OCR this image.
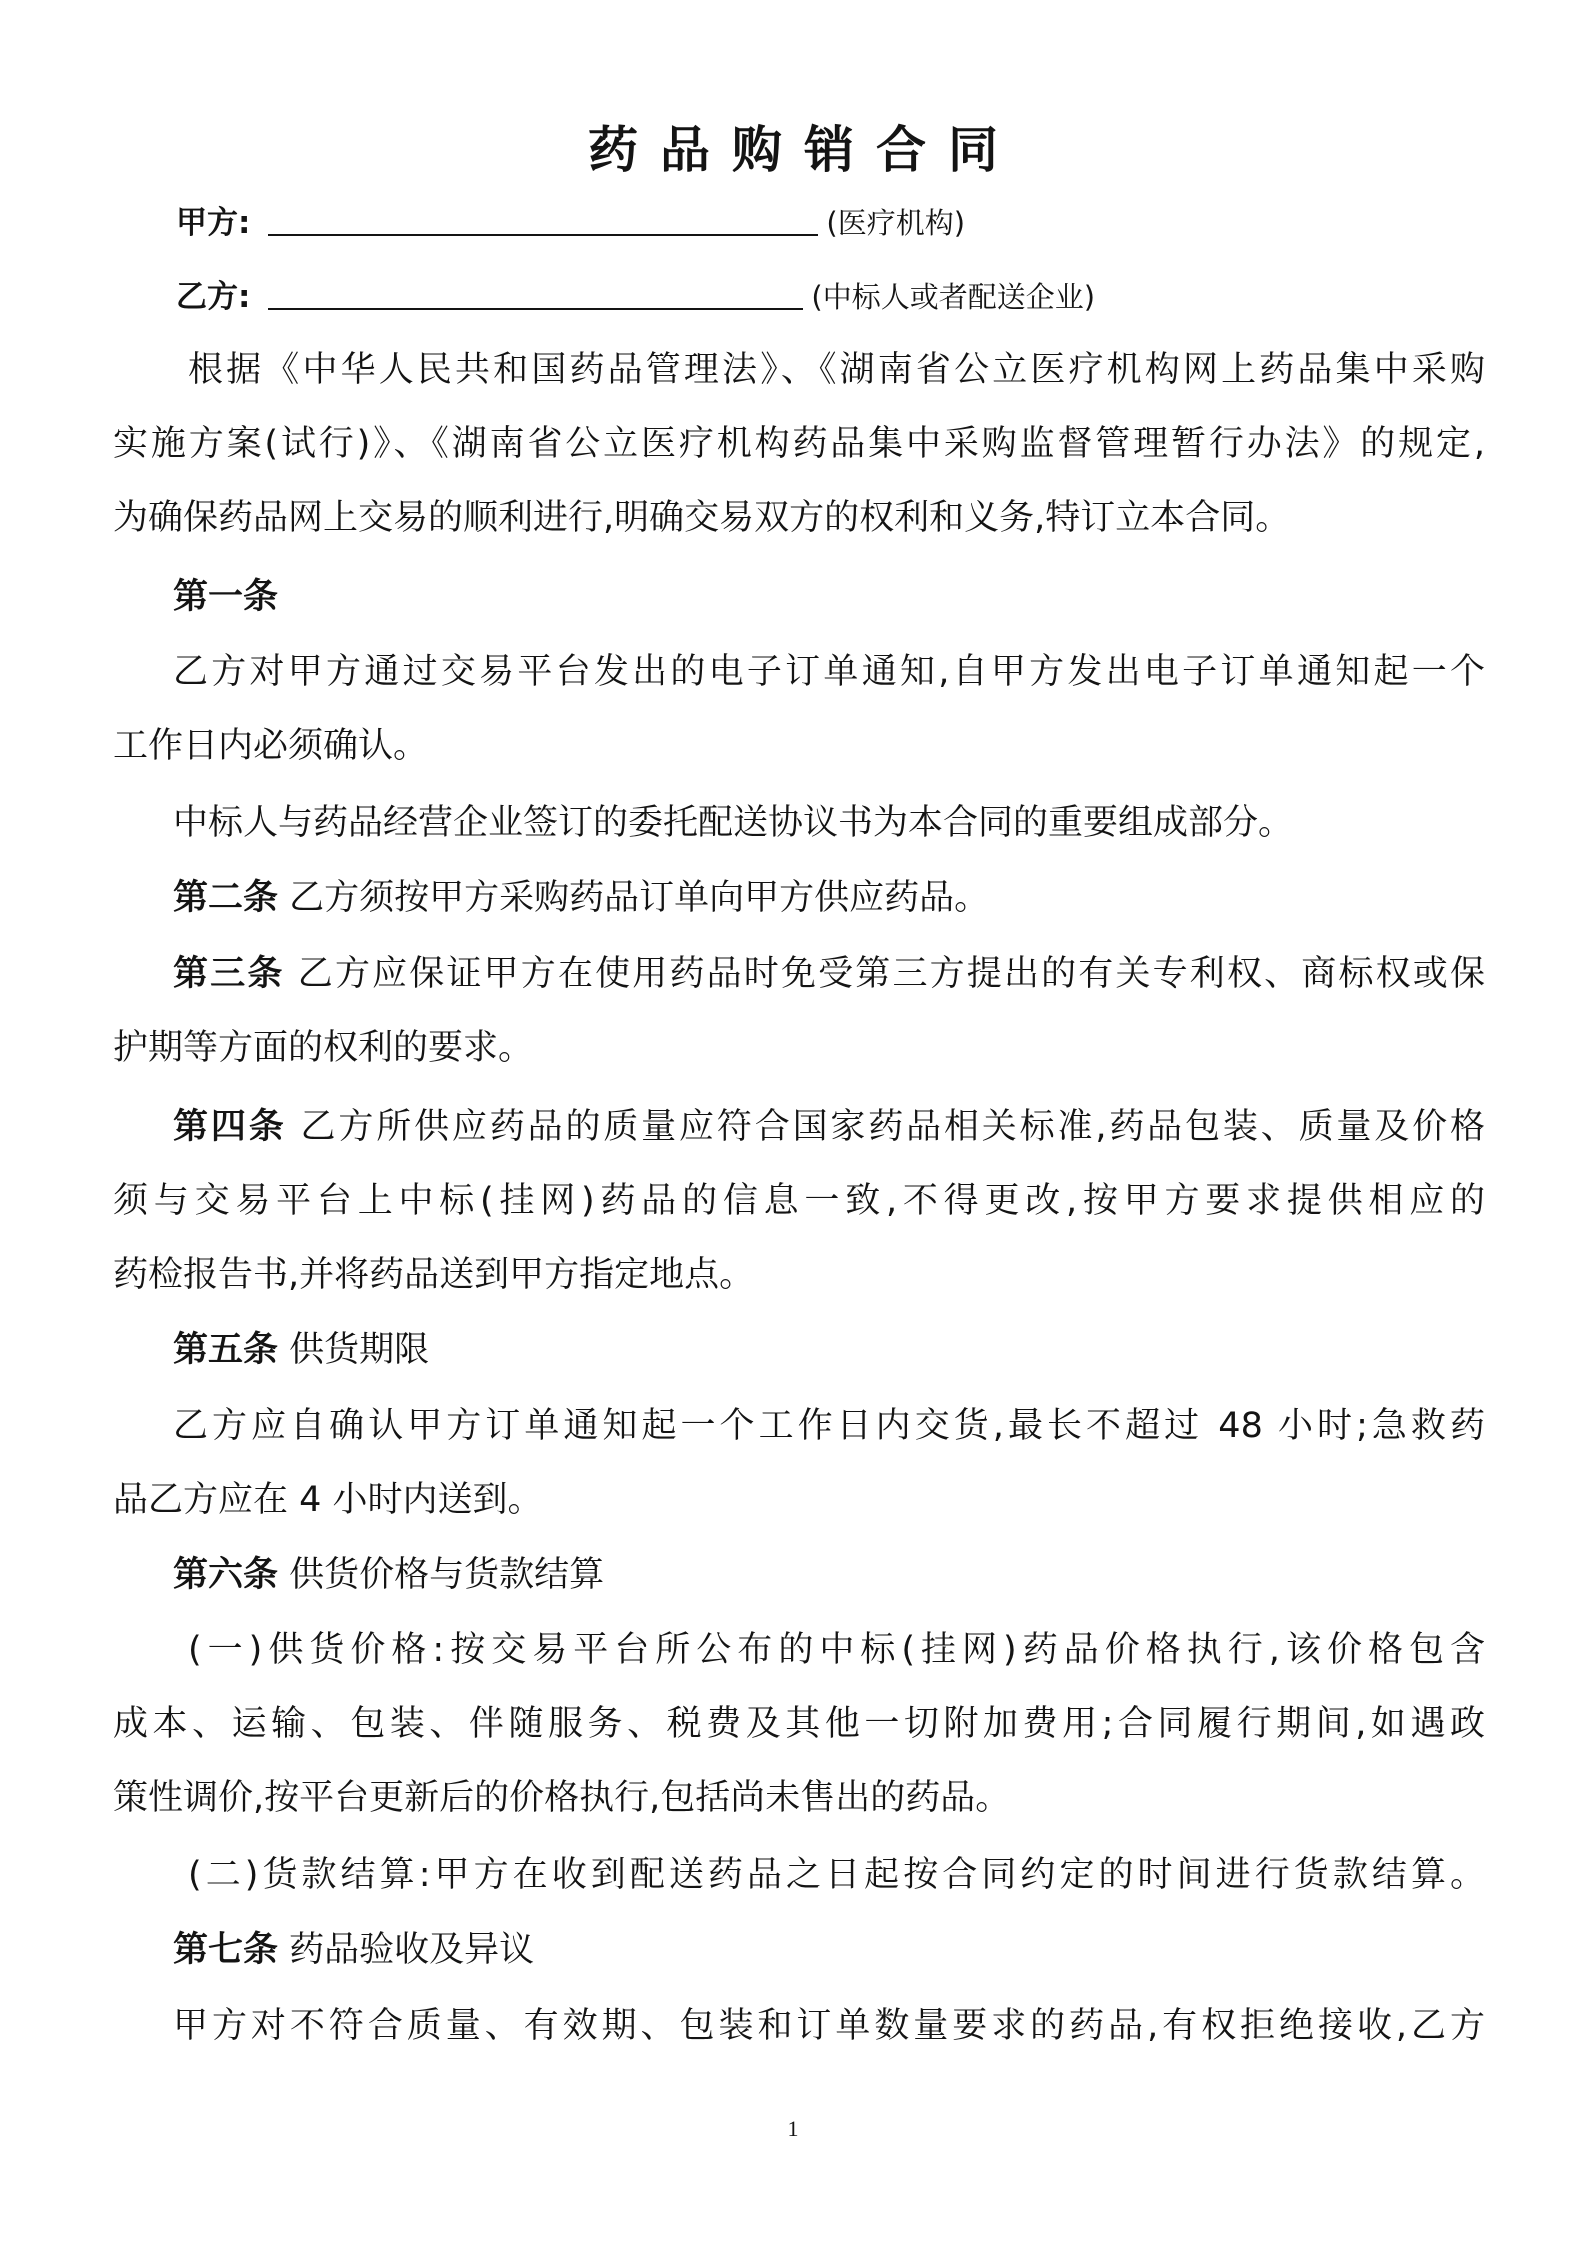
药品购销合同
甲方:	(医疗机构)
乙方:	(中标人或者配送企业)
根据《中华人民共和国药品管理法》、《湖南省公立医疗机构网上药品集中采购
实施方案(试行)》、《湖南省公立医疗机构药品集中采购监督管理暂行办法》的规定,
为确保药品网上交易的顺利进行,明确交易双方的权利和义务,特订立本合同。
第一条
乙方对甲方通过交易平台发出的电子订单通知,自甲方发出电子订单通知起一个
工作日内必须确认。
中标人与药品经营企业签订的委托配送协议书为本合同的重要组成部分。
第二条 乙方须按甲方采购药品订单向甲方供应药品。
第三条 乙方应保证甲方在使用药品时免受第三方提出的有关专利权、商标权或保
护期等方面的权利的要求。
第四条 乙方所供应药品的质量应符合国家药品相关标准,药品包装、质量及价格
须与交易平台上中标(挂网)药品的信息一致,不得更改,按甲方要求提供相应的
药检报告书,并将药品送到甲方指定地点。
第五条 供货期限
乙方应自确认甲方订单通知起一个工作日内交货,最长不超过 48 小时;急救药
品乙方应在 4 小时内送到。
第六条 供货价格与货款结算
(一)供货价格:按交易平台所公布的中标(挂网)药品价格执行,该价格包含
成本、运输、包装、伴随服务、税费及其他一切附加费用;合同履行期间,如遇政
策性调价,按平台更新后的价格执行,包括尚未售出的药品。
(二)货款结算:甲方在收到配送药品之日起按合同约定的时间进行货款结算。
第七条 药品验收及异议
甲方对不符合质量、有效期、包装和订单数量要求的药品,有权拒绝接收,乙方
1
